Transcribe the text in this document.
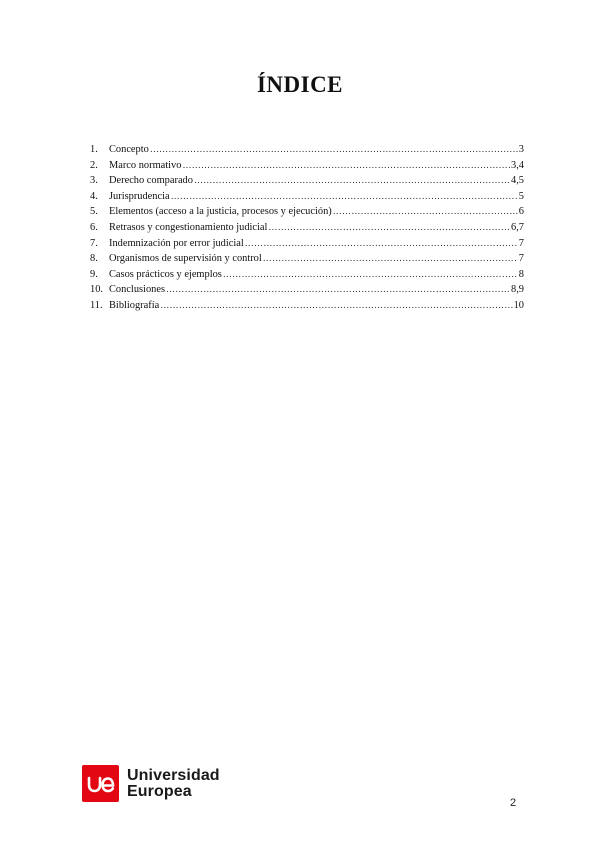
ÍNDICE
1.	Concepto ………………………………………………………………………………………………………………………………………………………………………………………	3
2.	Marco normativo ………………………………………………………………………………………………………………………………………………………………………………………	3,4
3.	Derecho comparado ………………………………………………………………………………………………………………………………………………………………………………………	4,5
4.	Jurisprudencia ………………………………………………………………………………………………………………………………………………………………………………………	5
5.	Elementos (acceso a la justicia, procesos y ejecución) ………………………………………………………………………………………………………………………………………………………………………………………	6
6.	Retrasos y congestionamiento judicial ………………………………………………………………………………………………………………………………………………………………………………………	6,7
7.	Indemnización por error judicial ………………………………………………………………………………………………………………………………………………………………………………………	7
8.	Organismos de supervisión y control ………………………………………………………………………………………………………………………………………………………………………………………	7
9.	Casos prácticos y ejemplos ………………………………………………………………………………………………………………………………………………………………………………………	8
10. Conclusiones ………………………………………………………………………………………………………………………………………………………………………………………	8,9
11. Bibliografía ………………………………………………………………………………………………………………………………………………………………………………………	10
Universidad
Europea
2
